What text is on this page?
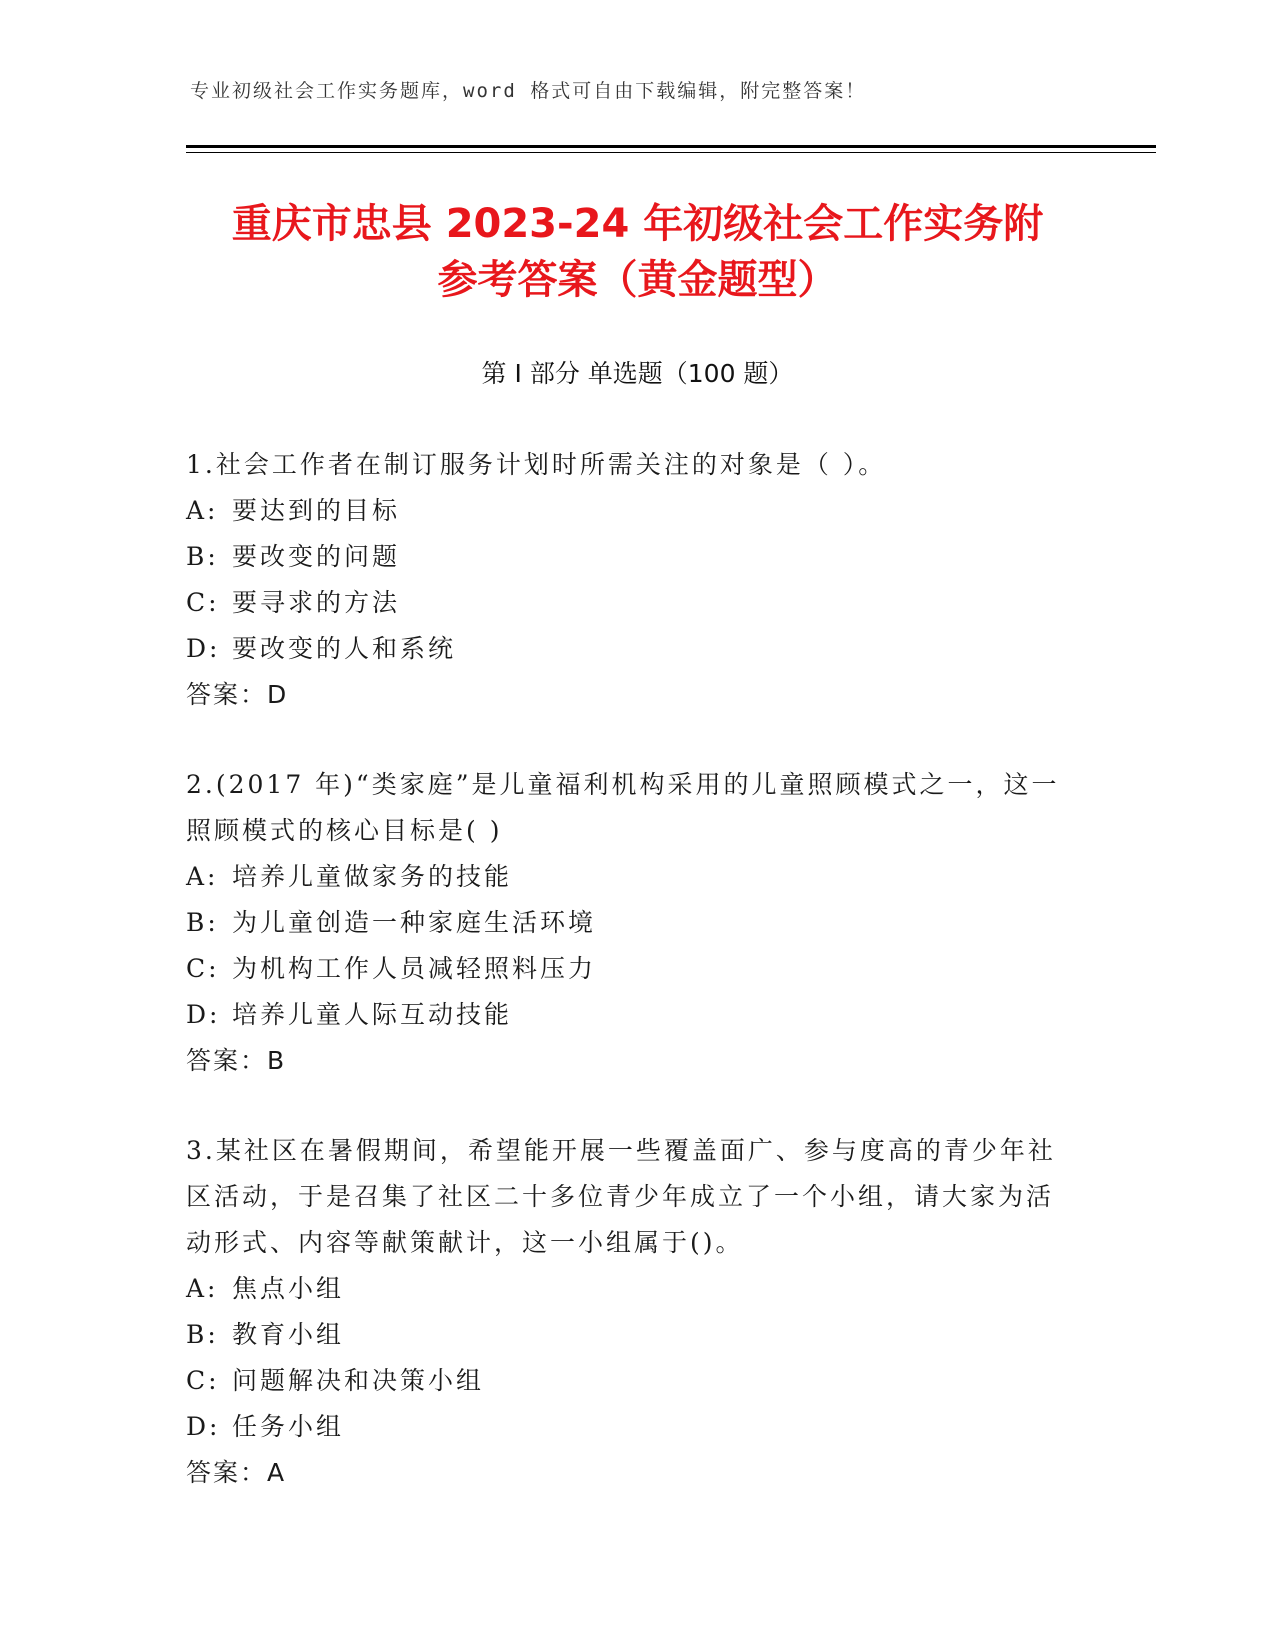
专业初级社会工作实务题库，word 格式可自由下载编辑，附完整答案！
重庆市忠县 2023-24 年初级社会工作实务附
参考答案（黄金题型）
第 I 部分 单选题（100 题）

1.社会工作者在制订服务计划时所需关注的对象是（ ）。

A: 要达到的目标

B: 要改变的问题

C: 要寻求的方法

D: 要改变的人和系统

答案：D

2.(2017 年)“类家庭”是儿童福利机构采用的儿童照顾模式之一，这一照顾模式的核心目标是( )

A: 培养儿童做家务的技能

B: 为儿童创造一种家庭生活环境

C: 为机构工作人员减轻照料压力

D: 培养儿童人际互动技能

答案：B

3.某社区在暑假期间，希望能开展一些覆盖面广、参与度高的青少年社区活动，于是召集了社区二十多位青少年成立了一个小组，请大家为活动形式、内容等献策献计，这一小组属于()。

A: 焦点小组

B: 教育小组

C: 问题解决和决策小组

D: 任务小组

答案：A
